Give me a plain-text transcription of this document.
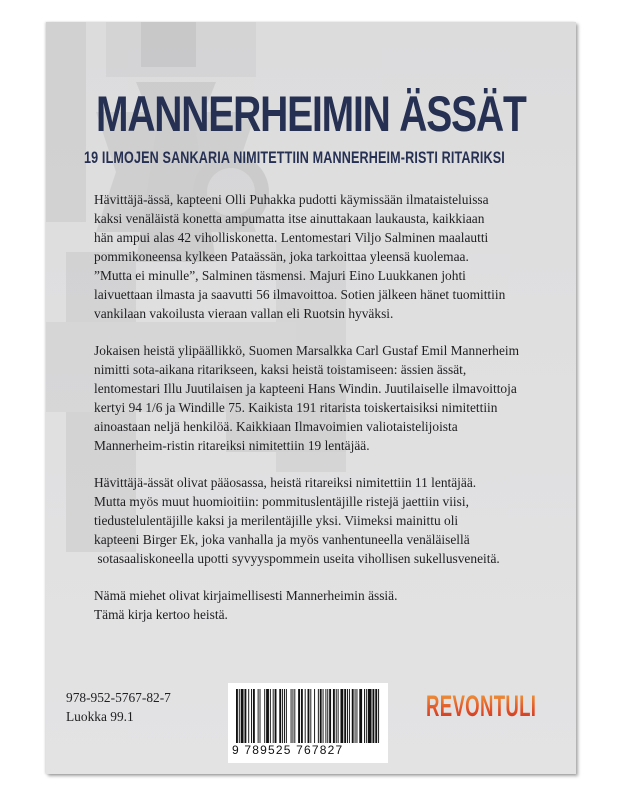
MANNERHEIMIN ÄSSÄT
19 ILMOJEN SANKARIA NIMITETTIIN MANNERHEIM-RISTI RITARIKSI

Hävittäjä-ässä, kapteeni Olli Puhakka pudotti käymissään ilmataisteluissa
kaksi venäläistä konetta ampumatta itse ainuttakaan laukausta, kaikkiaan
hän ampui alas 42 viholliskonetta. Lentomestari Viljo Salminen maalautti
pommikoneensa kylkeen Pataässän, joka tarkoittaa yleensä kuolemaa.
”Mutta ei minulle”, Salminen täsmensi. Majuri Eino Luukkanen johti
laivuettaan ilmasta ja saavutti 56 ilmavoittoa. Sotien jälkeen hänet tuomittiin
vankilaan vakoilusta vieraan vallan eli Ruotsin hyväksi.

Jokaisen heistä ylipäällikkö, Suomen Marsalkka Carl Gustaf Emil Mannerheim
nimitti sota-aikana ritarikseen, kaksi heistä toistamiseen: ässien ässät,
lentomestari Illu Juutilaisen ja kapteeni Hans Windin. Juutilaiselle ilmavoittoja
kertyi 94 1/6 ja Windille 75. Kaikista 191 ritarista toiskertaisiksi nimitettiin
ainoastaan neljä henkilöä. Kaikkiaan Ilmavoimien valiotaistelijoista
Mannerheim-ristin ritareiksi nimitettiin 19 lentäjää.

Hävittäjä-ässät olivat pääosassa, heistä ritareiksi nimitettiin 11 lentäjää.
Mutta myös muut huomioitiin: pommituslentäjille ristejä jaettiin viisi,
tiedustelulentäjille kaksi ja merilentäjille yksi. Viimeksi mainittu oli
kapteeni Birger Ek, joka vanhalla ja myös vanhentuneella venäläisellä
sotasaaliskoneella upotti syvyyspommein useita vihollisen sukellusveneitä.

Nämä miehet olivat kirjaimellisesti Mannerheimin ässiä.
Tämä kirja kertoo heistä.

978-952-5767-82-7
Luokka 99.1
9 789525 767827
REVONTULI
